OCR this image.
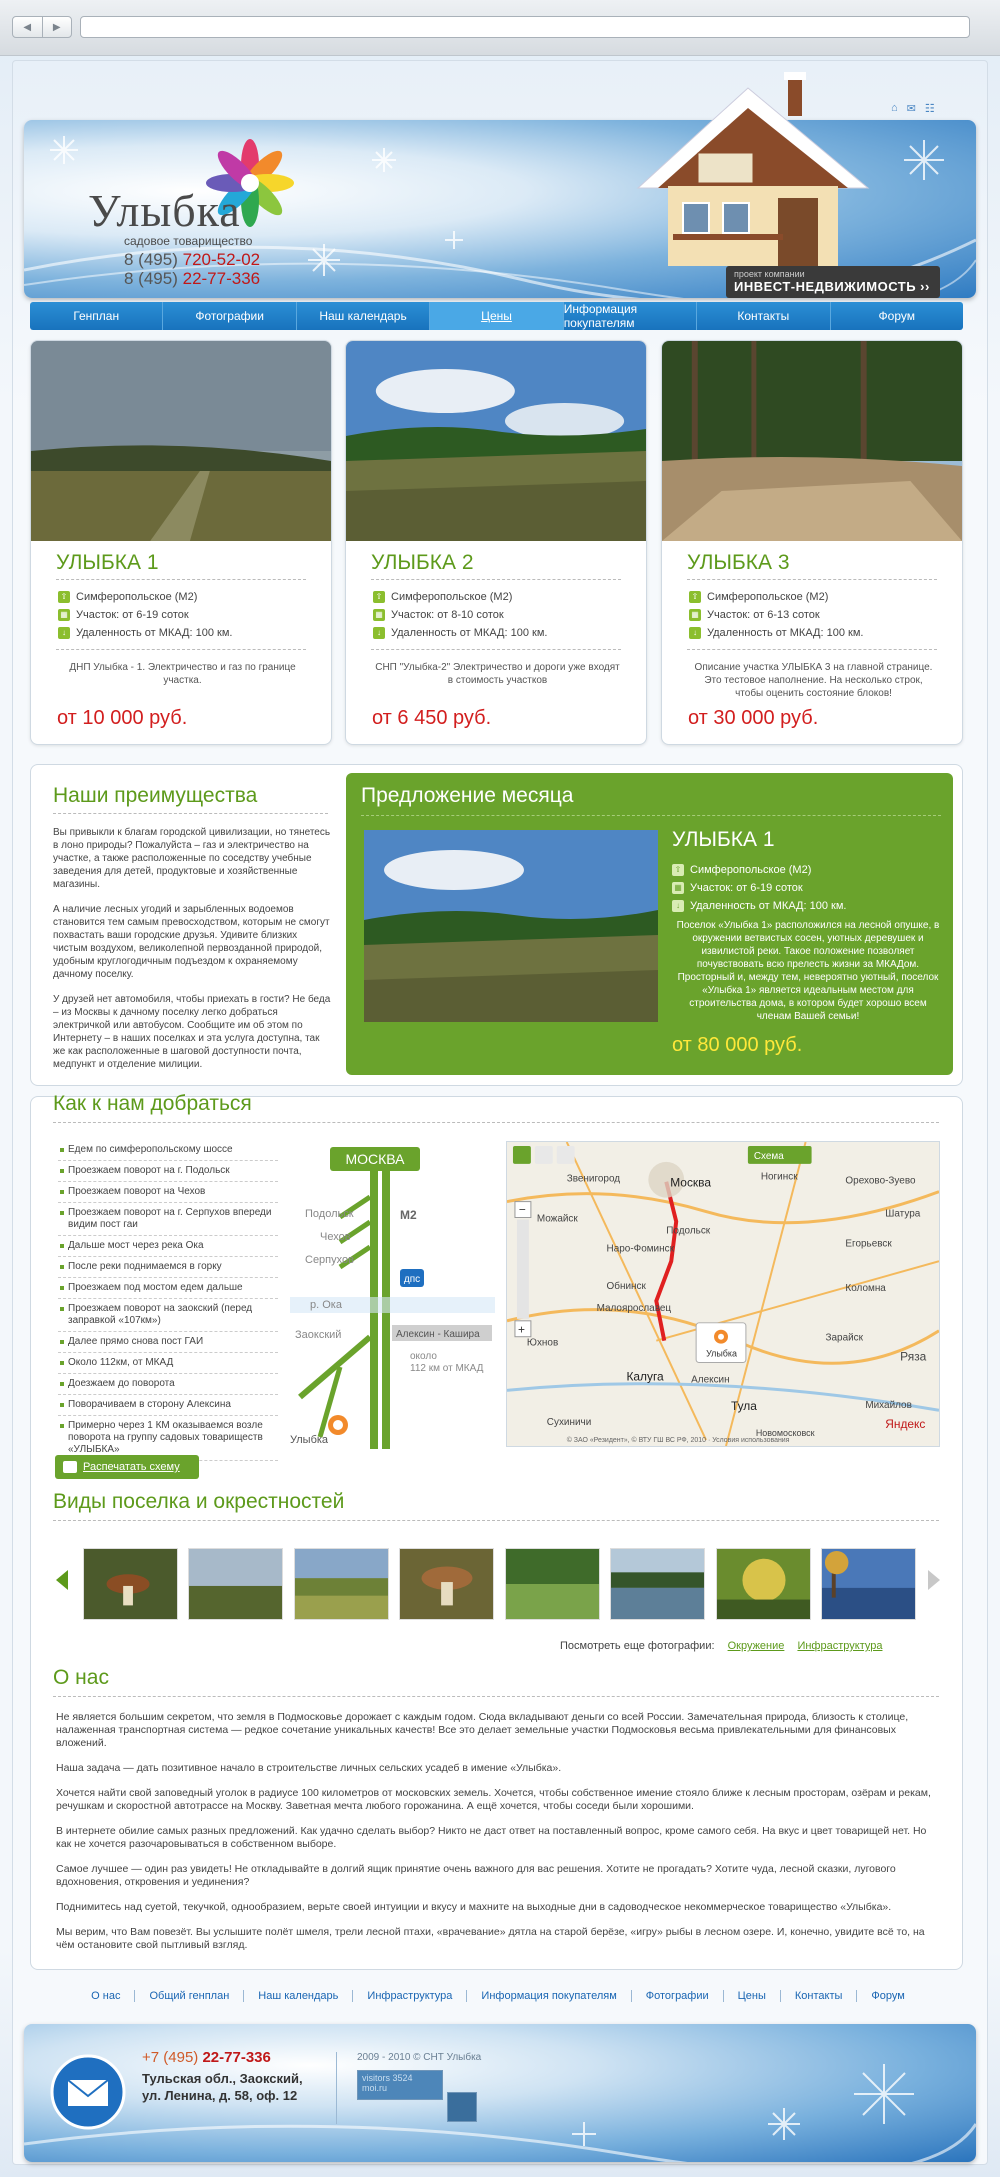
◀	▶
Улыбка
садовое товарищество
8 (495) 720-52-02
8 (495) 22-77-336	проект компании
ИНВЕСТ-НЕДВИЖИМОСТЬ ››
⌂ ✉ ☷
Генплан	Фотографии	Наш календарь	Цены	Информация покупателям	Контакты	Форум
УЛЫБКА 1
⇧ Симферопольское (М2)
▦ Участок: от 6-19 соток
↓ Удаленность от МКАД: 100 км.
ДНП Улыбка - 1. Электричество и газ по границе участка.
от 10 000 руб.
УЛЫБКА 2
⇧ Симферопольское (М2)
▦ Участок: от 8-10 соток
↓ Удаленность от МКАД: 100 км.
СНП "Улыбка-2" Электричество и дороги уже входят в стоимость участков
от 6 450 руб.
УЛЫБКА 3
⇧ Симферопольское (М2)
▦ Участок: от 6-13 соток
↓ Удаленность от МКАД: 100 км.
Описание участка УЛЫБКА 3 на главной странице. Это тестовое наполнение. На несколько строк, чтобы оценить состояние блоков!
от 30 000 руб.
Наши преимущества

Вы привыкли к благам городской цивилизации, но тянетесь в лоно природы? Пожалуйста – газ и электричество на участке, а также расположенные по соседству учебные заведения для детей, продуктовые и хозяйственные магазины.

А наличие лесных угодий и зарыбленных водоемов становится тем самым превосходством, которым не смогут похвастать ваши городские друзья. Удивите близких чистым воздухом, великолепной первозданной природой, удобным круглогодичным подъездом к охраняемому дачному поселку.

У друзей нет автомобиля, чтобы приехать в гости? Не беда – из Москвы к дачному поселку легко добраться электричкой или автобусом. Сообщите им об этом по Интернету – в наших поселках и эта услуга доступна, так же как расположенные в шаговой доступности почта, медпункт и отделение милиции.

Предложение месяца
УЛЫБКА 1
⇧ Симферопольское (М2)
▦ Участок: от 6-19 соток
↓ Удаленность от МКАД: 100 км.
Поселок «Улыбка 1» расположился на лесной опушке, в окружении ветвистых сосен, уютных деревушек и извилистой реки. Такое положение позволяет почувствовать всю прелесть жизни за МКАДом. Просторный и, между тем, невероятно уютный, поселок «Улыбка 1» является идеальным местом для строительства дома, в котором будет хорошо всем членам Вашей семьи!
от 80 000 руб.
Как к нам добраться
Едем по симферопольскому шоссе
Проезжаем поворот на г. Подольск
Проезжаем поворот на Чехов
Проезжаем поворот на г. Серпухов впереди видим пост гаи
Дальше мост через река Ока
После реки поднимаемся в горку
Проезжаем под мостом едем дальше
Проезжаем поворот на заокский (перед заправкой «107км»)
Далее прямо снова пост ГАИ
Около 112км, от МКАД
Доезжаем до поворота
Поворачиваем в сторону Алексина
Примерно через 1 КМ оказываемся возле поворота на группу садовых товариществ «УЛЫБКА»
МОСКВА
Подольск
Чехов
Серпухов
р. Ока
Заокский
M2
дпс
Алексин - Кашира
около
112 км от МКАД
Улыбка
Схема
−
+
Москва	Ногинск	Орехово-Зуево
Звенигород
Можайск
Подольск
Шатура
Егорьевск
Наро-Фоминск
Коломна
Малоярославец
Обнинск
Зарайск
Ряза
Улыбка
Калуга	Алексин
Юхнов
Тула	Михайлов
Новомосковск
Сухиничи	Яндекс
© ЗАО «Резидент», © ВТУ ГШ ВС РФ, 2010 · Условия использования
Распечатать схему
Виды поселка и окрестностей
Посмотреть еще фотографии: Окружение Инфраструктура
О нас

Не является большим секретом, что земля в Подмосковье дорожает с каждым годом. Сюда вкладывают деньги со всей России. Замечательная природа, близость к столице, налаженная транспортная система — редкое сочетание уникальных качеств! Все это делает земельные участки Подмосковья весьма привлекательными для финансовых вложений.

Наша задача — дать позитивное начало в строительстве личных сельских усадеб в имение «Улыбка».

Хочется найти свой заповедный уголок в радиусе 100 километров от московских земель. Хочется, чтобы собственное имение стояло ближе к лесным просторам, озёрам и рекам, речушкам и скоростной автотрассе на Москву. Заветная мечта любого горожанина. А ещё хочется, чтобы соседи были хорошими.

В интернете обилие самых разных предложений. Как удачно сделать выбор? Никто не даст ответ на поставленный вопрос, кроме самого себя. На вкус и цвет товарищей нет. Но как не хочется разочаровываться в собственном выборе.

Самое лучшее — один раз увидеть! Не откладывайте в долгий ящик принятие очень важного для вас решения. Хотите не прогадать? Хотите чуда, лесной сказки, лугового вдохновения, откровения и уединения?

Поднимитесь над суетой, текучкой, однообразием, верьте своей интуиции и вкусу и махните на выходные дни в садоводческое некоммерческое товарищество «Улыбка».

Мы верим, что Вам повезёт. Вы услышите полёт шмеля, трели лесной птахи, «врачевание» дятла на старой берёзе, «игру» рыбы в лесном озере. И, конечно, увидите всё то, на чём остановите свой пытливый взгляд.

О нас	Общий генплан	Наш календарь	Инфраструктура	Информация покупателям	Фотографии	Цены	Контакты	Форум
+7 (495) 22-77-336
Тульская обл., Заокский,
ул. Ленина, д. 58, оф. 12
2009 - 2010 © СНТ Улыбка
visitors 3524
moi.ru
